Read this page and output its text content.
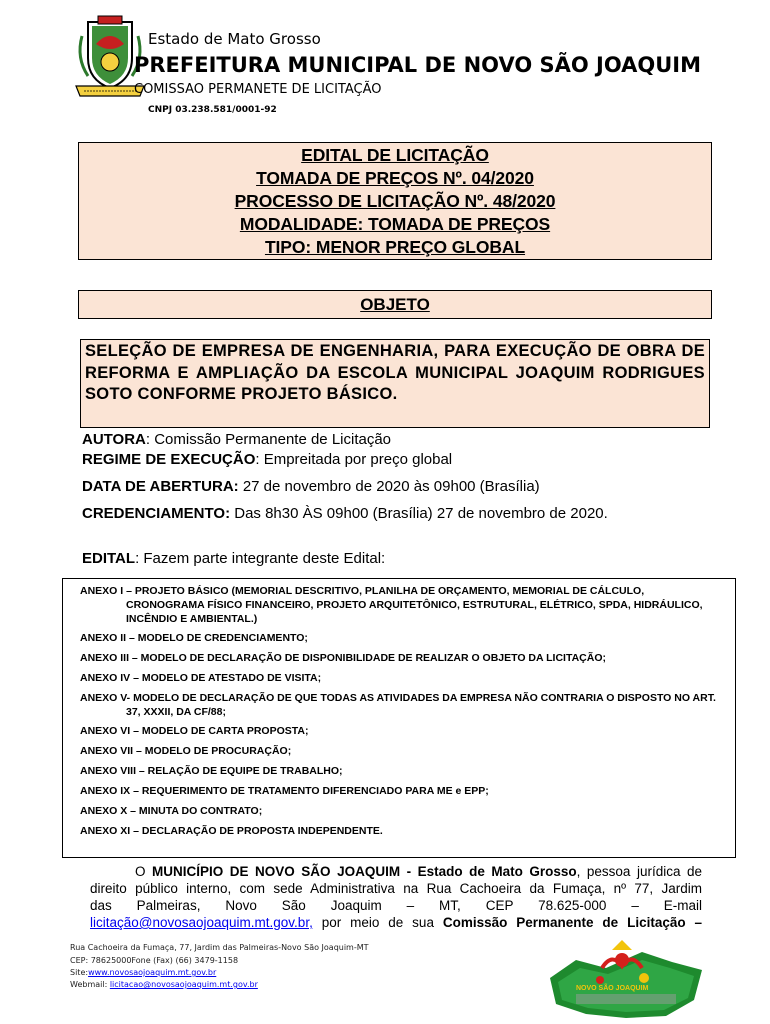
Estado de Mato Grosso
PREFEITURA MUNICIPAL DE NOVO SÃO JOAQUIM
COMISSAO PERMANETE DE LICITAÇÃO
CNPJ 03.238.581/0001-92
EDITAL DE LICITAÇÃO
TOMADA DE PREÇOS Nº. 04/2020
PROCESSO DE LICITAÇÃO Nº. 48/2020
MODALIDADE: TOMADA DE PREÇOS
TIPO: MENOR PREÇO GLOBAL
OBJETO
SELEÇÃO DE EMPRESA DE ENGENHARIA, PARA EXECUÇÃO DE OBRA DE REFORMA E AMPLIAÇÃO DA ESCOLA MUNICIPAL JOAQUIM RODRIGUES SOTO CONFORME PROJETO BÁSICO.
AUTORA: Comissão Permanente de Licitação
REGIME DE EXECUÇÃO: Empreitada por preço global
DATA DE ABERTURA: 27 de novembro de 2020 às 09h00 (Brasília)
CREDENCIAMENTO: Das 8h30 ÀS 09h00 (Brasília) 27 de novembro de 2020.
EDITAL: Fazem parte integrante deste Edital:
ANEXO I – PROJETO BÁSICO (MEMORIAL DESCRITIVO, PLANILHA DE ORÇAMENTO, MEMORIAL DE CÁLCULO, CRONOGRAMA FÍSICO FINANCEIRO, PROJETO ARQUITETÔNICO, ESTRUTURAL, ELÉTRICO, SPDA, HIDRÁULICO, INCÊNDIO E AMBIENTAL.)
ANEXO II – MODELO DE CREDENCIAMENTO;
ANEXO III – MODELO DE DECLARAÇÃO DE DISPONIBILIDADE DE REALIZAR O OBJETO DA LICITAÇÃO;
ANEXO IV – MODELO DE ATESTADO DE VISITA;
ANEXO V- MODELO DE DECLARAÇÃO DE QUE TODAS AS ATIVIDADES DA EMPRESA NÃO CONTRARIA O DISPOSTO NO ART. 37, XXXII, DA CF/88;
ANEXO VI – MODELO DE CARTA PROPOSTA;
ANEXO VII – MODELO DE PROCURAÇÃO;
ANEXO VIII – RELAÇÃO DE EQUIPE DE TRABALHO;
ANEXO IX – REQUERIMENTO DE TRATAMENTO DIFERENCIADO PARA ME e EPP;
ANEXO X – MINUTA DO CONTRATO;
ANEXO XI – DECLARAÇÃO DE PROPOSTA INDEPENDENTE.
O MUNICÍPIO DE NOVO SÃO JOAQUIM - Estado de Mato Grosso, pessoa jurídica de
direito público interno, com sede Administrativa na Rua Cachoeira da Fumaça, nº 77, Jardim
das Palmeiras, Novo São Joaquim – MT, CEP 78.625-000 – E-mail
licitação@novosaojoaquim.mt.gov.br, por meio de sua Comissão Permanente de Licitação –
Rua Cachoeira da Fumaça, 77, Jardim das Palmeiras-Novo São Joaquim-MT
CEP: 78625000Fone (Fax) (66) 3479-1158
Site:www.novosaojoaquim.mt.gov.br
Webmail: licitacao@novosaojoaquim.mt.gov.br	NOVO SÃO JOAQUIM
